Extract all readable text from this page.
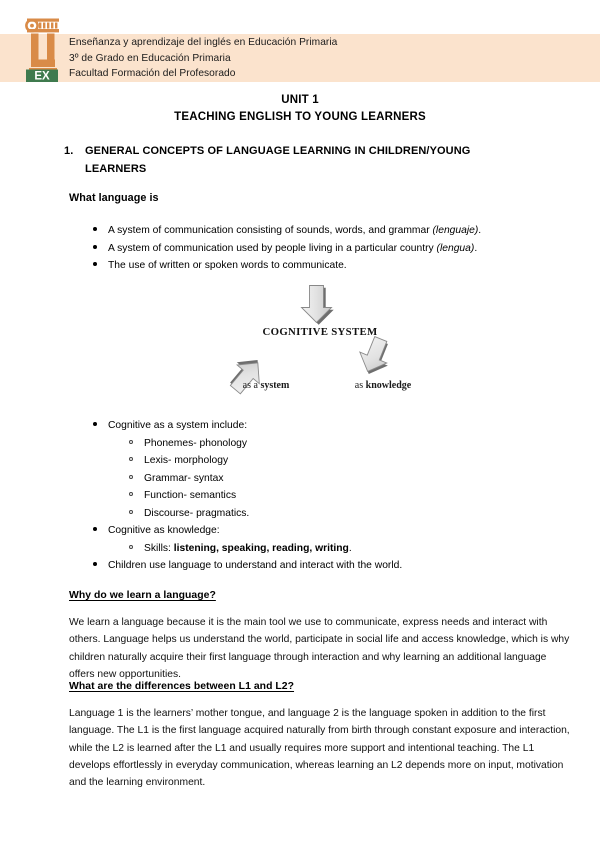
EX
Enseñanza y aprendizaje del inglés en Educación Primaria
3º de Grado en Educación Primaria
Facultad Formación del Profesorado
UNIT 1
TEACHING ENGLISH TO YOUNG LEARNERS
1. GENERAL CONCEPTS OF LANGUAGE LEARNING IN CHILDREN/YOUNG LEARNERS
What language is
A system of communication consisting of sounds, words, and grammar (lenguaje).
A system of communication used by people living in a particular country (lengua).
The use of written or spoken words to communicate.
COGNITIVE SYSTEM
as a system	as knowledge
Cognitive as a system include:
Phonemes- phonology
Lexis- morphology
Grammar- syntax
Function- semantics
Discourse- pragmatics.
Cognitive as knowledge:
Skills: listening, speaking, reading, writing.
Children use language to understand and interact with the world.
Why do we learn a language?
We learn a language because it is the main tool we use to communicate, express needs and interact with others. Language helps us understand the world, participate in social life and access knowledge, which is why children naturally acquire their first language through interaction and why learning an additional language offers new opportunities.
What are the differences between L1 and L2?
Language 1 is the learners’ mother tongue, and language 2 is the language spoken in addition to the first language. The L1 is the first language acquired naturally from birth through constant exposure and interaction, while the L2 is learned after the L1 and usually requires more support and intentional teaching. The L1 develops effortlessly in everyday communication, whereas learning an L2 depends more on input, motivation and the learning environment.
